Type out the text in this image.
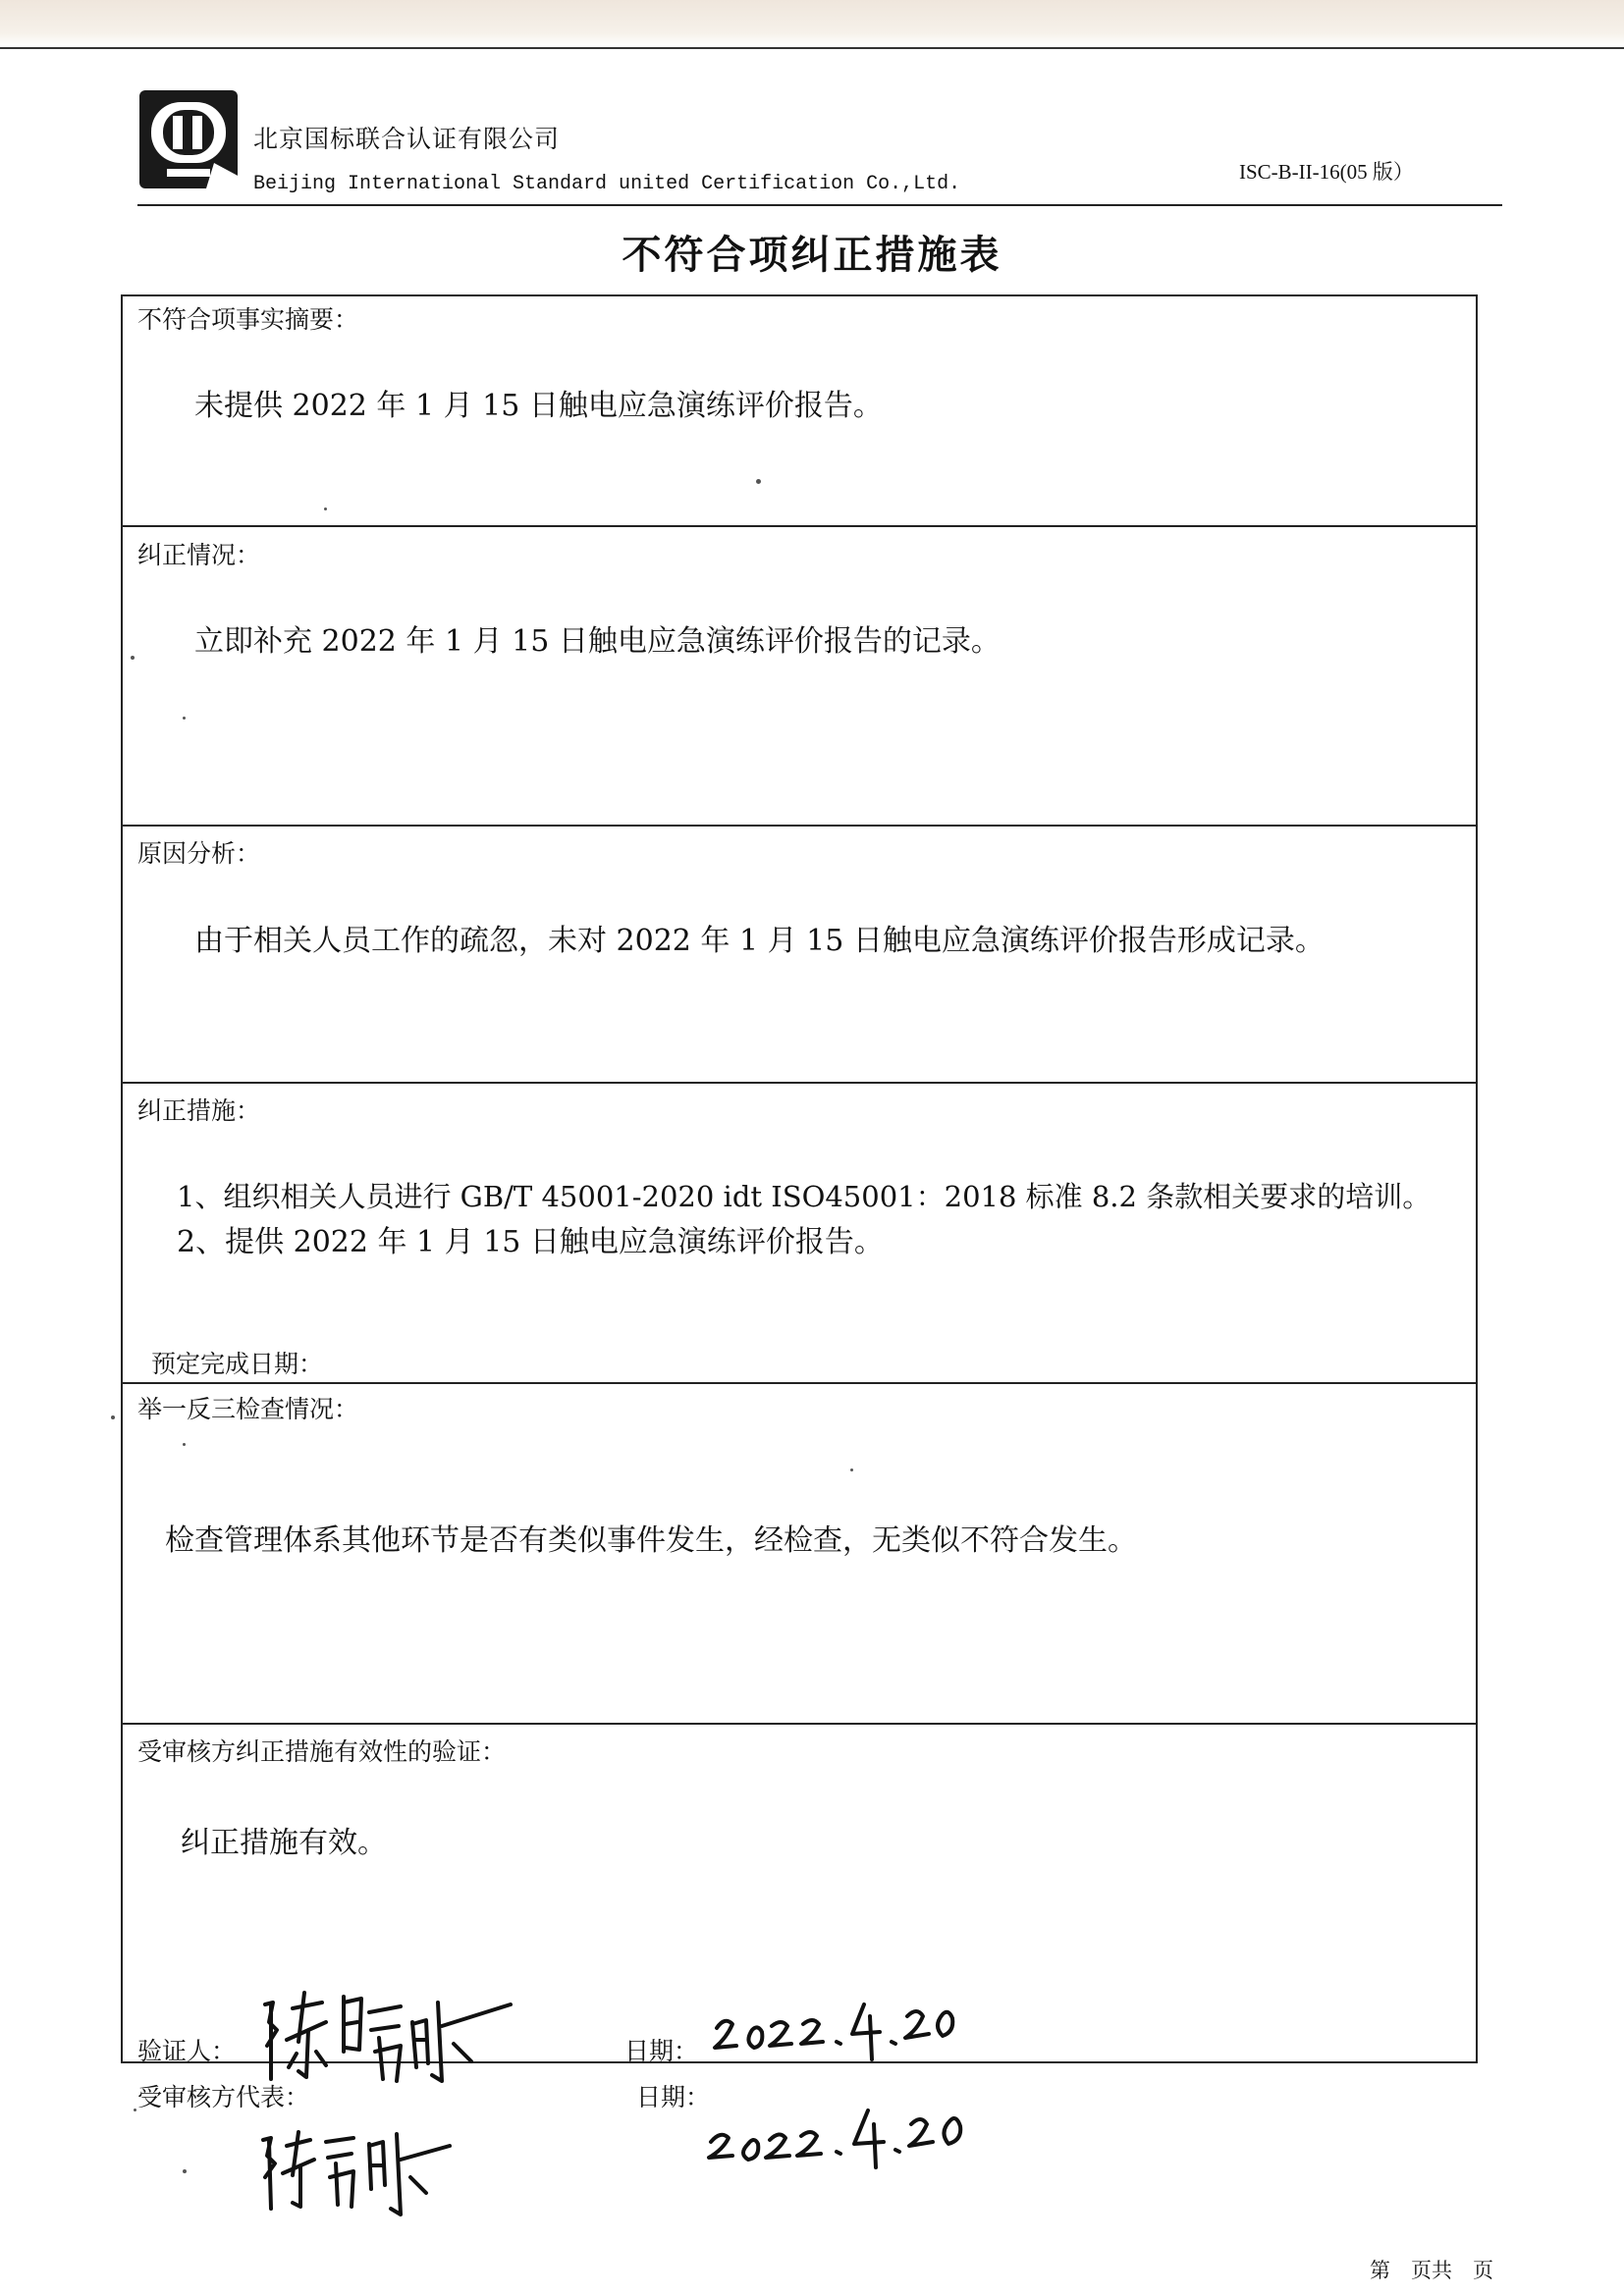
北京国标联合认证有限公司
Beijing International Standard united Certification Co.,Ltd.
ISC-B-II-16(05 版）
不符合项纠正措施表
不符合项事实摘要：
未提供 2022 年 1 月 15 日触电应急演练评价报告。
纠正情况：
立即补充 2022 年 1 月 15 日触电应急演练评价报告的记录。
原因分析：
由于相关人员工作的疏忽，未对 2022 年 1 月 15 日触电应急演练评价报告形成记录。
纠正措施：
1、组织相关人员进行 GB/T 45001-2020 idt ISO45001：2018 标准 8.2 条款相关要求的培训。
2、提供 2022 年 1 月 15 日触电应急演练评价报告。
预定完成日期：
举一反三检查情况：
检查管理体系其他环节是否有类似事件发生，经检查，无类似不符合发生。
受审核方纠正措施有效性的验证：
纠正措施有效。
验证人：	日期：
受审核方代表：	日期：
第　页共　页
